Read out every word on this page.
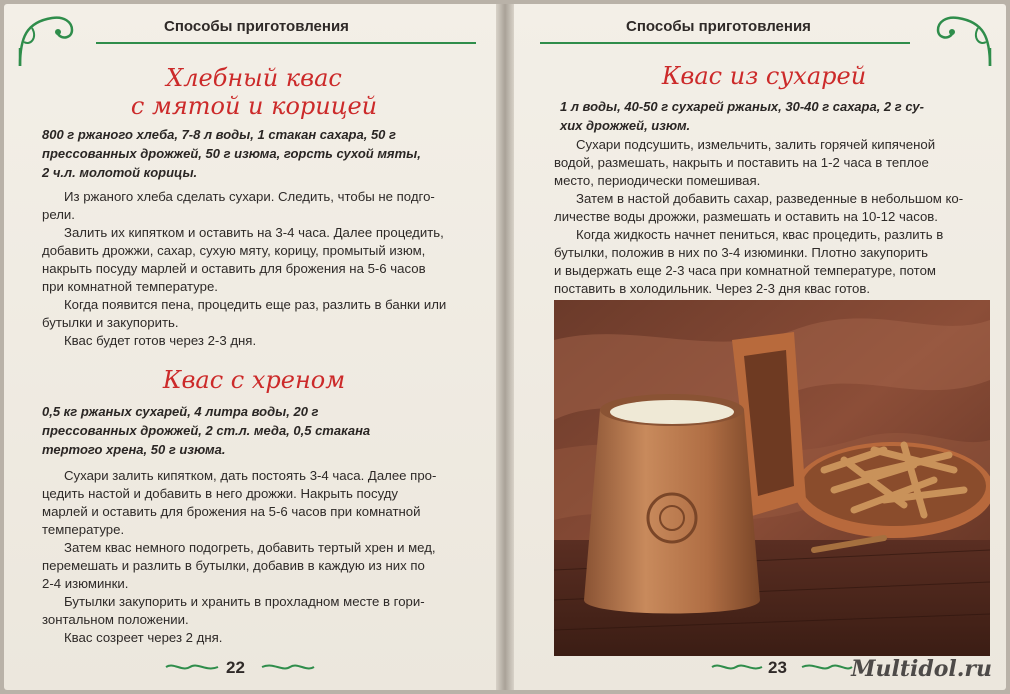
Способы приготовления
Хлебный квас
с мятой и корицей
800 г ржаного хлеба, 7-8 л воды, 1 стакан сахара, 50 г
прессованных дрожжей, 50 г изюма, горсть сухой мяты,
2 ч.л. молотой корицы.
Из ржаного хлеба сделать сухари. Следить, чтобы не подго-
рели.
Залить их кипятком и оставить на 3-4 часа. Далее процедить,
добавить дрожжи, сахар, сухую мяту, корицу, промытый изюм,
накрыть посуду марлей и оставить для брожения на 5-6 часов
при комнатной температуре.
Когда появится пена, процедить еще раз, разлить в банки или
бутылки и закупорить.
Квас будет готов через 2-3 дня.
Квас с хреном
0,5 кг ржаных сухарей, 4 литра воды, 20 г
прессованных дрожжей, 2 ст.л. меда, 0,5 стакана
тертого хрена, 50 г изюма.
Сухари залить кипятком, дать постоять 3-4 часа. Далее про-
цедить настой и добавить в него дрожжи. Накрыть посуду
марлей и оставить для брожения на 5-6 часов при комнатной
температуре.
Затем квас немного подогреть, добавить тертый хрен и мед,
перемешать и разлить в бутылки, добавив в каждую из них по
2-4 изюминки.
Бутылки закупорить и хранить в прохладном месте в гори-
зонтальном положении.
Квас созреет через 2 дня.
22
Способы приготовления
Квас из сухарей
1 л воды, 40-50 г сухарей ржаных, 30-40 г сахара, 2 г су-
хих дрожжей, изюм.
Сухари подсушить, измельчить, залить горячей кипяченой
водой, размешать, накрыть и поставить на 1-2 часа в теплое
место, периодически помешивая.
Затем в настой добавить сахар, разведенные в небольшом ко-
личестве воды дрожжи, размешать и оставить на 10-12 часов.
Когда жидкость начнет пениться, квас процедить, разлить в
бутылки, положив в них по 3-4 изюминки. Плотно закупорить
и выдержать еще 2-3 часа при комнатной температуре, потом
поставить в холодильник. Через 2-3 дня квас готов.
23	Multidol.ru
